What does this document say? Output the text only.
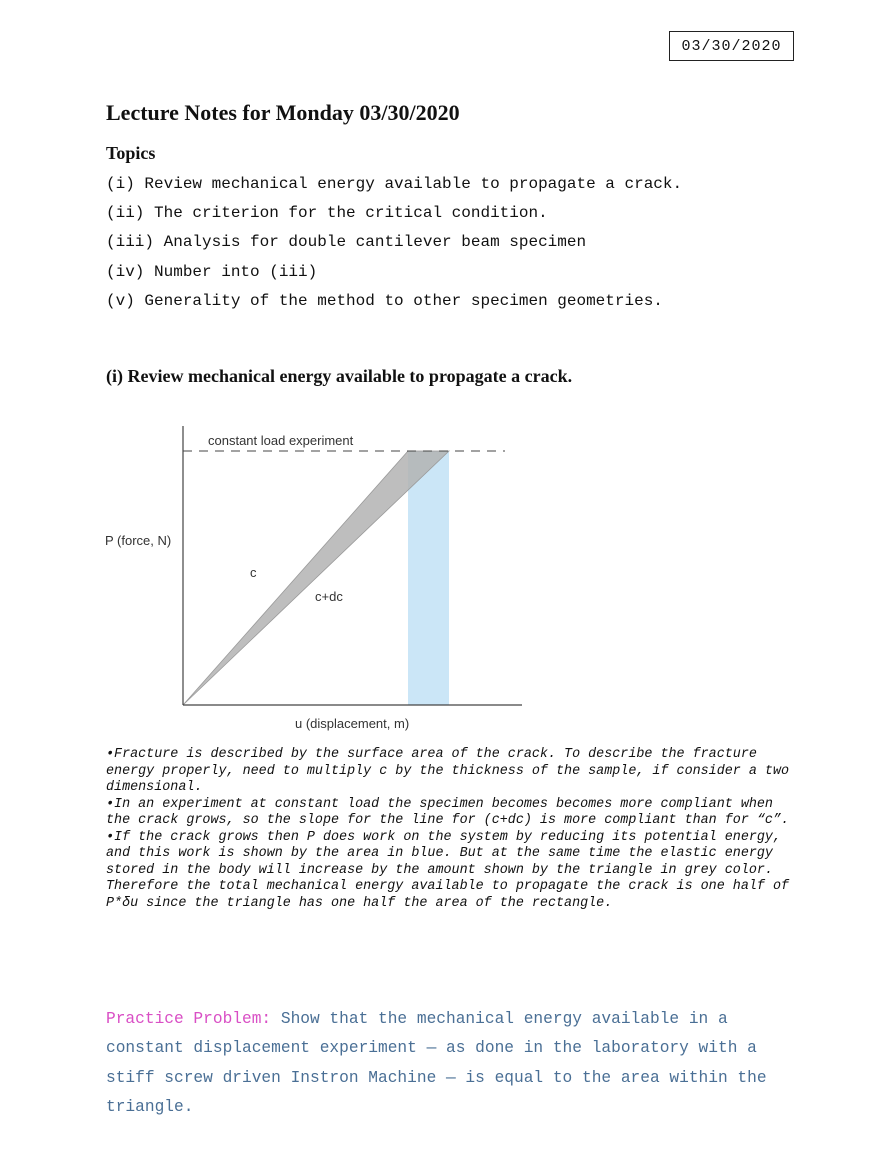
03/30/2020
Lecture Notes for Monday 03/30/2020
Topics
(i) Review mechanical energy available to propagate a crack.
(ii) The criterion for the critical condition.
(iii) Analysis for double cantilever beam specimen
(iv) Number into (iii)
(v) Generality of the method to other specimen geometries.
(i) Review mechanical energy available to propagate a crack.
constant load experiment
P (force, N)
u (displacement, m)
c
c+dc

•Fracture is described by the surface area of the crack. To describe the fracture energy properly, need to multiply c by the thickness of the sample, if consider a two dimensional.

•In an experiment at constant load the specimen becomes becomes more compliant when the crack grows, so the slope for the line for (c+dc) is more compliant than for “c”.

•If the crack grows then P does work on the system by reducing its potential energy, and this work is shown by the area in blue. But at the same time the elastic energy stored in the body will increase by the amount shown by the triangle in grey color. Therefore the total mechanical energy available to propagate the crack is one half of P*δu since the triangle has one half the area of the rectangle.

Practice Problem: Show that the mechanical energy available in a constant displacement experiment — as done in the laboratory with a stiff screw driven Instron Machine — is equal to the area within the triangle.
